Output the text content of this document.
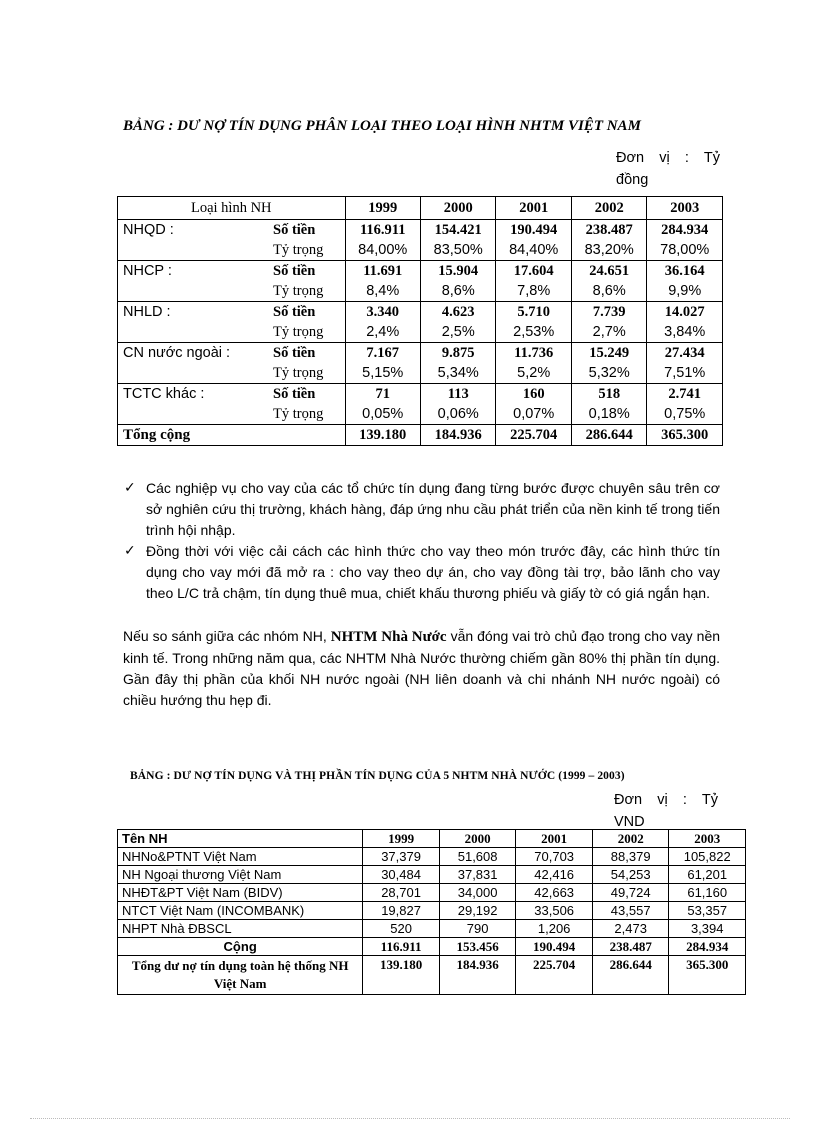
BẢNG : DƯ NỢ TÍN DỤNG PHÂN LOẠI THEO LOẠI HÌNH NHTM VIỆT NAM
Đơn vị : Tỷ
đồng
Loại hình NH		1999	2000	2001	2002	2003
NHQD :	Số tiền	116.911	154.421	190.494	238.487	284.934
	Tỷ trọng	84,00%	83,50%	84,40%	83,20%	78,00%
NHCP :	Số tiền	11.691	15.904	17.604	24.651	36.164
	Tỷ trọng	8,4%	8,6%	7,8%	8,6%	9,9%
NHLD :	Số tiền	3.340	4.623	5.710	7.739	14.027
	Tỷ trọng	2,4%	2,5%	2,53%	2,7%	3,84%
CN nước ngoài :	Số tiền	7.167	9.875	11.736	15.249	27.434
	Tỷ trọng	5,15%	5,34%	5,2%	5,32%	7,51%
TCTC khác :	Số tiền	71	113	160	518	2.741
	Tỷ trọng	0,05%	0,06%	0,07%	0,18%	0,75%
Tổng cộng		139.180	184.936	225.704	286.644	365.300
✓ Các nghiệp vụ cho vay của các tổ chức tín dụng đang từng bước được chuyên sâu trên cơ sở nghiên cứu thị trường, khách hàng, đáp ứng nhu cầu phát triển của nền kinh tế trong tiến trình hội nhập.
✓ Đồng thời với việc cải cách các hình thức cho vay theo món trước đây, các hình thức tín dụng cho vay mới đã mở ra : cho vay theo dự án, cho vay đồng tài trợ, bảo lãnh cho vay theo L/C trả chậm, tín dụng thuê mua, chiết khấu thương phiếu và giấy tờ có giá ngắn hạn.
Nếu so sánh giữa các nhóm NH, NHTM Nhà Nước vẫn đóng vai trò chủ đạo trong cho vay nền kinh tế. Trong những năm qua, các NHTM Nhà Nước thường chiếm gần 80% thị phần tín dụng. Gần đây thị phần của khối NH nước ngoài (NH liên doanh và chi nhánh NH nước ngoài) có chiều hướng thu hẹp đi.
BẢNG : DƯ NỢ TÍN DỤNG VÀ THỊ PHẦN TÍN DỤNG CỦA 5 NHTM NHÀ NƯỚC (1999 – 2003)
Đơn vị : Tỷ
VND
Tên NH	1999	2000	2001	2002	2003
NHNo&PTNT Việt Nam	37,379	51,608	70,703	88,379	105,822
NH Ngoại thương Việt Nam	30,484	37,831	42,416	54,253	61,201
NHĐT&PT Việt Nam (BIDV)	28,701	34,000	42,663	49,724	61,160
NTCT Việt Nam (INCOMBANK)	19,827	29,192	33,506	43,557	53,357
NHPT Nhà ĐBSCL	520	790	1,206	2,473	3,394
Cộng	116.911	153.456	190.494	238.487	284.934
Tổng dư nợ tín dụng toàn hệ thống NH Việt Nam	139.180	184.936	225.704	286.644	365.300
